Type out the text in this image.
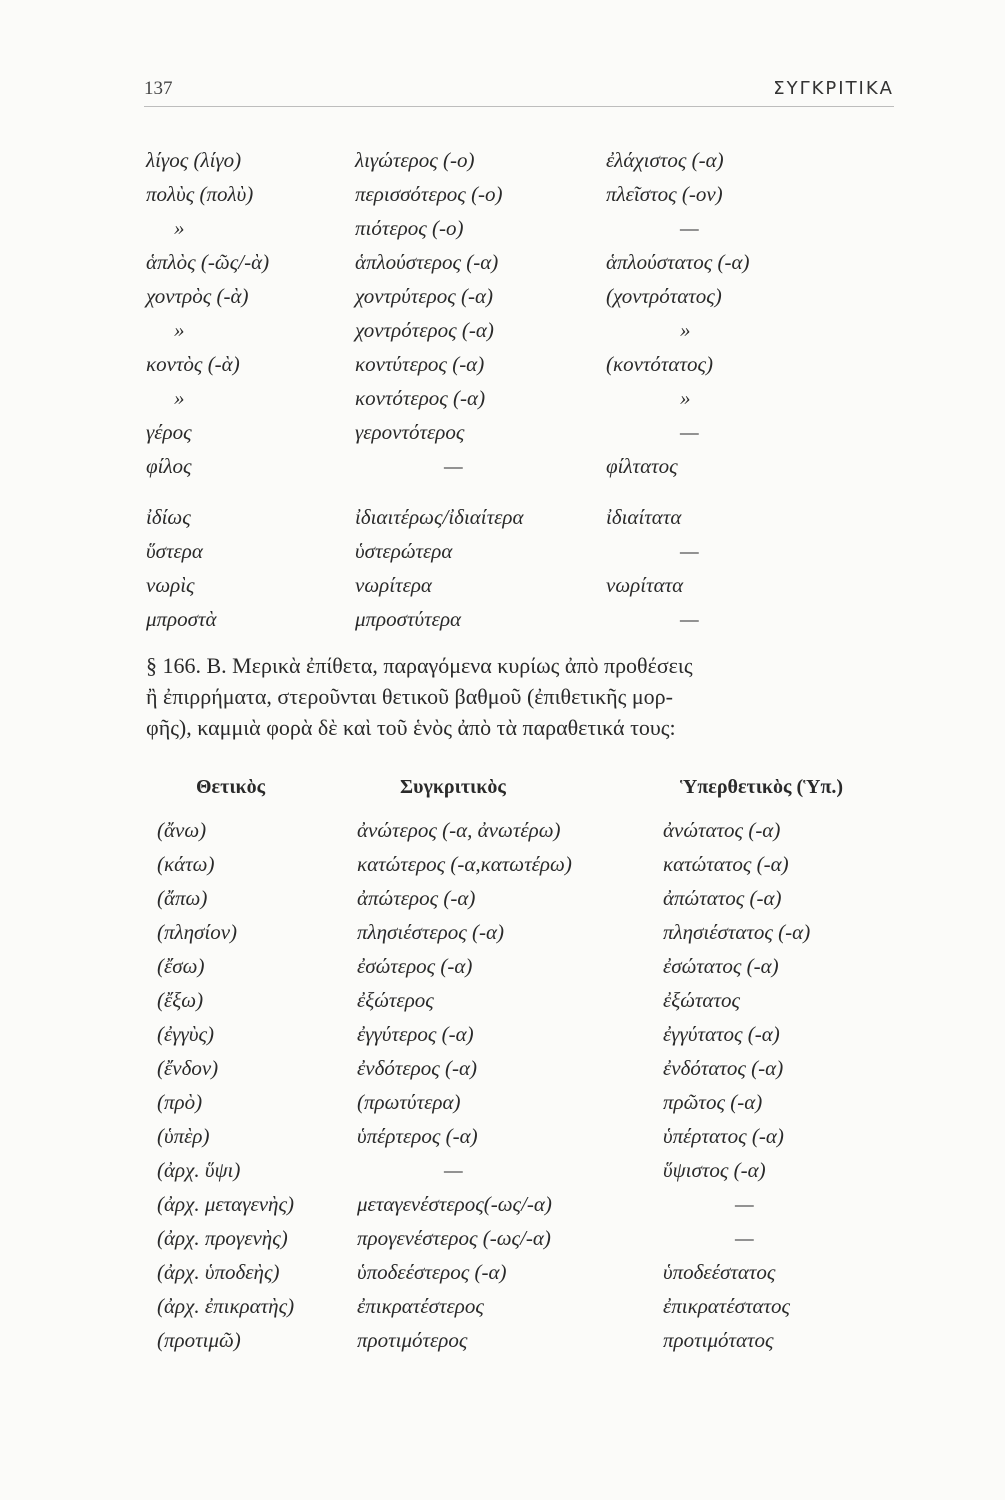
137	ΣΥΓΚΡΙΤΙΚΑ
λίγος (λίγο)	λιγώτερος (-ο)	ἐλάχιστος (-α)
πολὺς (πολὺ)	περισσότερος (-ο)	πλεῖστος (-ον)
»	πιότερος (-ο)	—
ἁπλὸς (-ῶς/-ὰ)	ἁπλούστερος (-α)	ἁπλούστατος (-α)
χοντρὸς (-ὰ)	χοντρύτερος (-α)	(χοντρότατος)
»	χοντρότερος (-α)	»
κοντὸς (-ὰ)	κοντύτερος (-α)	(κοντότατος)
»	κοντότερος (-α)	»
γέρος	γεροντότερος	—
φίλος	—	φίλτατος
ἰδίως	ἰδιαιτέρως/ἰδιαίτερα	ἰδιαίτατα
ὕστερα	ὑστερώτερα	—
νωρὶς	νωρίτερα	νωρίτατα
μπροστὰ	μπροστύτερα	—
§ 166. Β. Μερικὰ ἐπίθετα, παραγόμενα κυρίως ἀπὸ προθέσεις
ἢ ἐπιρρήματα, στεροῦνται θετικοῦ βαθμοῦ (ἐπιθετικῆς μορ-
φῆς), καμμιὰ φορὰ δὲ καὶ τοῦ ἑνὸς ἀπὸ τὰ παραθετικά τους:
Θετικὸς	Συγκριτικὸς	Ὑπερθετικὸς (Ὑπ.)
(ἄνω)	ἀνώτερος (-α, ἀνωτέρω)	ἀνώτατος (-α)
(κάτω)	κατώτερος (-α,κατωτέρω)	κατώτατος (-α)
(ἄπω)	ἀπώτερος (-α)	ἀπώτατος (-α)
(πλησίον)	πλησιέστερος (-α)	πλησιέστατος (-α)
(ἔσω)	ἐσώτερος (-α)	ἐσώτατος (-α)
(ἔξω)	ἐξώτερος	ἐξώτατος
(ἐγγὺς)	ἐγγύτερος (-α)	ἐγγύτατος (-α)
(ἔνδον)	ἐνδότερος (-α)	ἐνδότατος (-α)
(πρὸ)	(πρωτύτερα)	πρῶτος (-α)
(ὑπὲρ)	ὑπέρτερος (-α)	ὑπέρτατος (-α)
(ἀρχ. ὕψι)	—	ὕψιστος (-α)
(ἀρχ. μεταγενὴς)	μεταγενέστερος(-ως/-α)	—
(ἀρχ. προγενὴς)	προγενέστερος (-ως/-α)	—
(ἀρχ. ὑποδεὴς)	ὑποδεέστερος (-α)	ὑποδεέστατος
(ἀρχ. ἐπικρατὴς)	ἐπικρατέστερος	ἐπικρατέστατος
(προτιμῶ)	προτιμότερος	προτιμότατος
